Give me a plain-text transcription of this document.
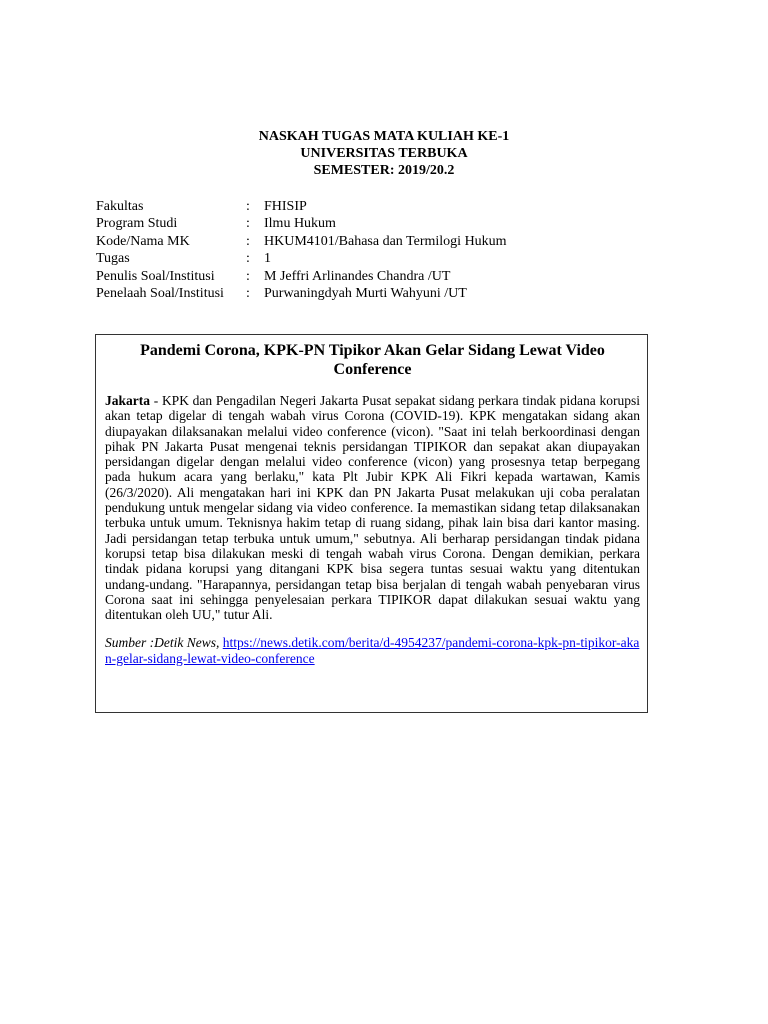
NASKAH TUGAS MATA KULIAH KE-1
UNIVERSITAS TERBUKA
SEMESTER: 2019/20.2
Fakultas	:	FHISIP
Program Studi	:	Ilmu Hukum
Kode/Nama MK	:	HKUM4101/Bahasa dan Termilogi Hukum
Tugas	:	1
Penulis Soal/Institusi	:	M Jeffri Arlinandes Chandra /UT
Penelaah Soal/Institusi	:	Purwaningdyah Murti Wahyuni /UT
Pandemi Corona, KPK-PN Tipikor Akan Gelar Sidang Lewat Video Conference

Jakarta - KPK dan Pengadilan Negeri Jakarta Pusat sepakat sidang perkara tindak pidana korupsi akan tetap digelar di tengah wabah virus Corona (COVID-19). KPK mengatakan sidang akan diupayakan dilaksanakan melalui video conference (vicon). "Saat ini telah berkoordinasi dengan pihak PN Jakarta Pusat mengenai teknis persidangan TIPIKOR dan sepakat akan diupayakan persidangan digelar dengan melalui video conference (vicon) yang prosesnya tetap berpegang pada hukum acara yang berlaku," kata Plt Jubir KPK Ali Fikri kepada wartawan, Kamis (26/3/2020). Ali mengatakan hari ini KPK dan PN Jakarta Pusat melakukan uji coba peralatan pendukung untuk mengelar sidang via video conference. Ia memastikan sidang tetap dilaksanakan terbuka untuk umum. Teknisnya hakim tetap di ruang sidang, pihak lain bisa dari kantor masing. Jadi persidangan tetap terbuka untuk umum," sebutnya. Ali berharap persidangan tindak pidana korupsi tetap bisa dilakukan meski di tengah wabah virus Corona. Dengan demikian, perkara tindak pidana korupsi yang ditangani KPK bisa segera tuntas sesuai waktu yang ditentukan undang-undang. "Harapannya, persidangan tetap bisa berjalan di tengah wabah penyebaran virus Corona saat ini sehingga penyelesaian perkara TIPIKOR dapat dilakukan sesuai waktu yang ditentukan oleh UU," tutur Ali.

Sumber :Detik News, https://news.detik.com/berita/d-4954237/pandemi-corona-kpk-pn-tipikor-akan-gelar-sidang-lewat-video-conference
